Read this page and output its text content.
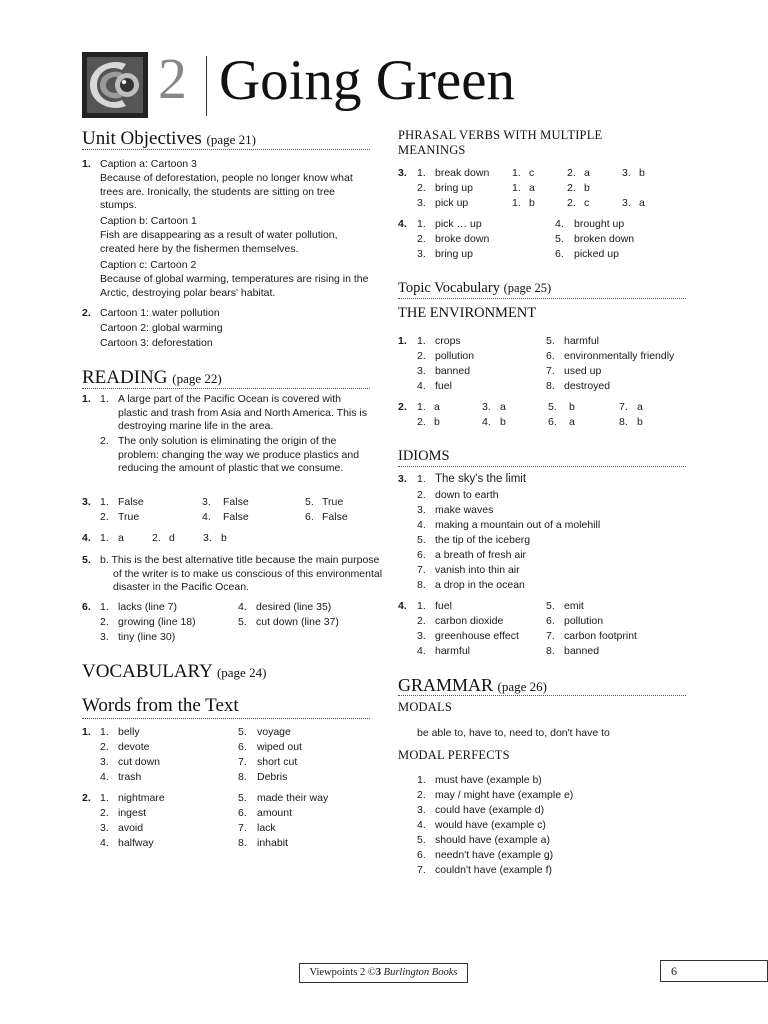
2 Going Green
Unit Objectives (page 21)
1. Caption a: Cartoon 3
Because of deforestation, people no longer know what trees are. Ironically, the students are sitting on tree stumps.
Caption b: Cartoon 1
Fish are disappearing as a result of water pollution, created here by the fishermen themselves.
Caption c: Cartoon 2
Because of global warming, temperatures are rising in the Arctic, destroying polar bears' habitat.
2. Cartoon 1: water pollution
Cartoon 2: global warming
Cartoon 3: deforestation
READING (page 22)
1. 1. A large part of the Pacific Ocean is covered with plastic and trash from Asia and North America. This is destroying marine life in the area.
2. The only solution is eliminating the origin of the problem: changing the way we produce plastics and reducing the amount of plastic that we consume.
3. 1. False	3. False	5. True
2. True	4. False	6. False
4. 1. a	2. d	3. b
5. b. This is the best alternative title because the main purpose of the writer is to make us conscious of this environmental disaster in the Pacific Ocean.
6. 1. lacks (line 7)	4. desired (line 35)
2. growing (line 18)	5. cut down (line 37)
3. tiny (line 30)
VOCABULARY (page 24)
Words from the Text
1. 1. belly	5. voyage
2. devote	6. wiped out
3. cut down	7. short cut
4. trash	8. Debris
2. 1. nightmare	5. made their way
2. ingest	6. amount
3. avoid	7. lack
4. halfway	8. inhabit
PHRASAL VERBS WITH MULTIPLE
MEANINGS
3. 1. break down 1. c	2. a	3. b
2. bring up	1. a	2. b
3. pick up	1. b	2. c	3. a
4. 1. pick … up	4. brought up
2. broke down	5. broken down
3. bring up	6. picked up
Topic Vocabulary (page 25)
THE ENVIRONMENT
1. 1. crops	5. harmful
2. pollution	6. environmentally friendly
3. banned	7. used up
4. fuel	8. destroyed
2. 1. a	3. a	5. b	7. a
2. b	4. b	6. a	8. b
IDIOMS
3. 1. The sky's the limit
2. down to earth
3. make waves
4. making a mountain out of a molehill
5. the tip of the iceberg
6. a breath of fresh air
7. vanish into thin air
8. a drop in the ocean
4. 1. fuel	5. emit
2. carbon dioxide	6. pollution
3. greenhouse effect	7. carbon footprint
4. harmful	8. banned
GRAMMAR (page 26)
MODALS
be able to, have to, need to, don't have to
MODAL PERFECTS
1. must have (example b)
2. may / might have (example e)
3. could have (example d)
4. would have (example c)
5. should have (example a)
6. needn't have (example g)
7. couldn't have (example f)
Viewpoints 2 ©3 Burlington Books	6
